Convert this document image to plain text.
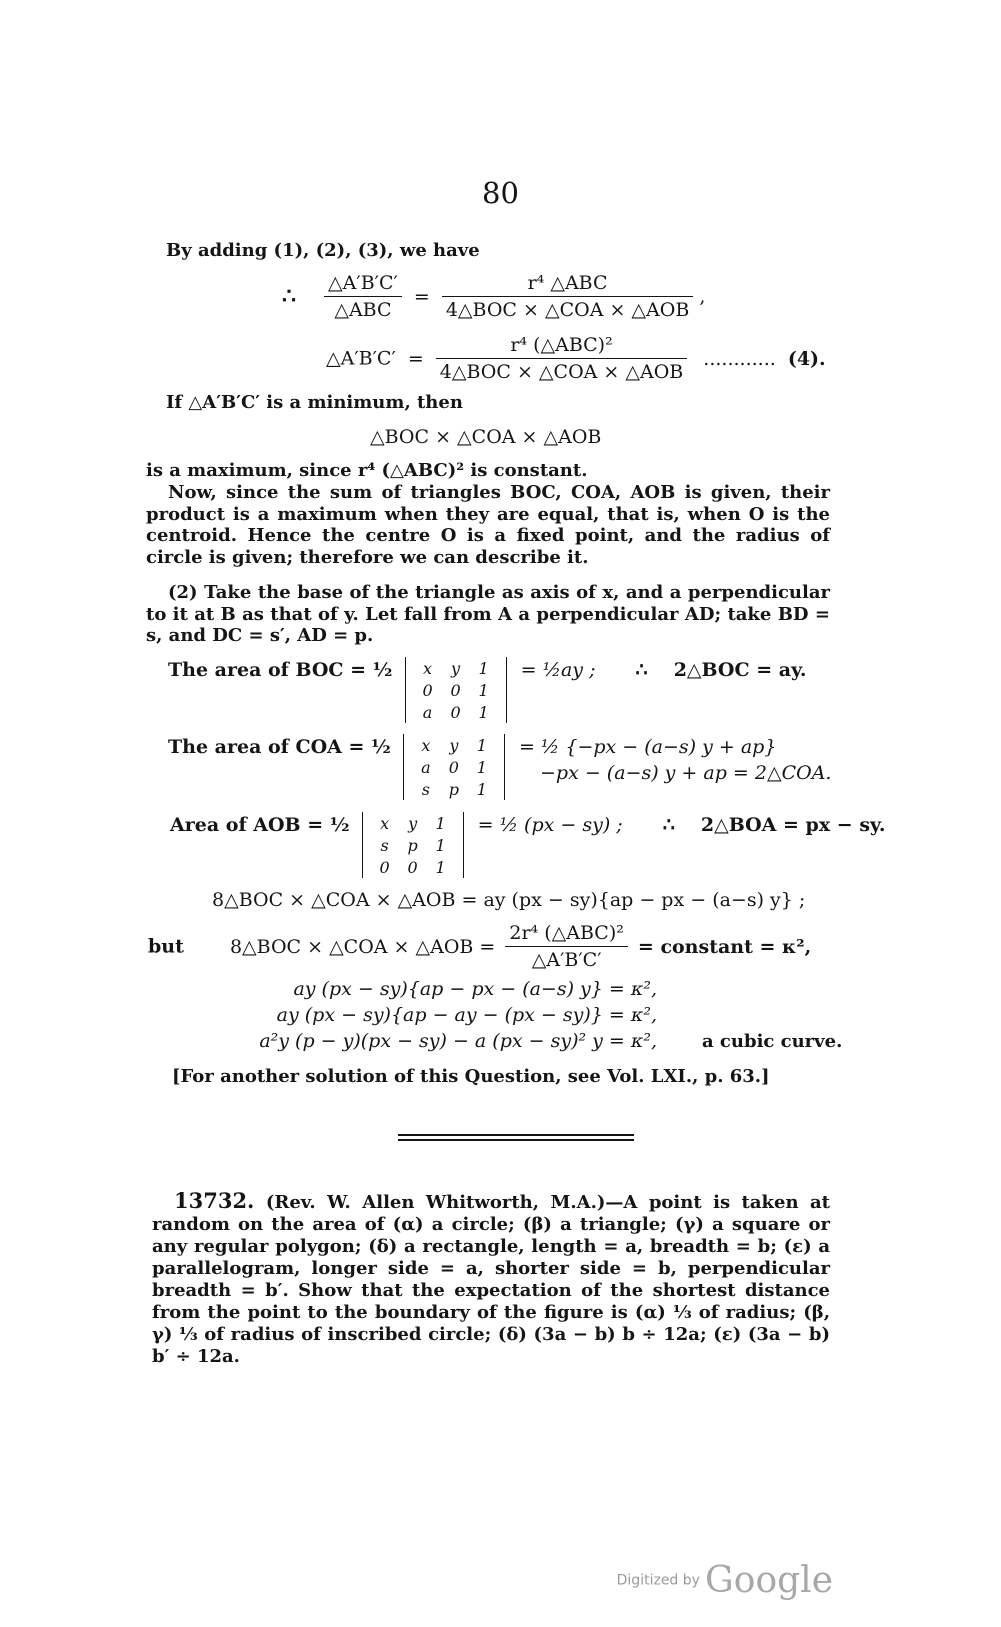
80
By adding (1), (2), (3), we have
∴ $\frac{\triangle A'B'C'}{\text{△ABC}} = \frac{\text{r⁴ △ABC}}{\text{4△BOC × △COA × △AOB}}$ ,
△A′B′C′ = $\frac{\text{r⁴ (△ABC)²}}{\text{4△BOC × △COA × △AOB}}$ ............ (4).
If △A′B′C′ is a minimum, then
△BOC × △COA × △AOB
is a maximum, since r⁴ (△ABC)² is constant.
Now, since the sum of triangles BOC, COA, AOB is given, their product is a maximum when they are equal, that is, when O is the centroid. Hence the centre O is a fixed point, and the radius of circle is given; therefore we can describe it.
(2) Take the base of the triangle as axis of x, and a perpendicular to it at B as that of y. Let fall from A a perpendicular AD; take BD = s, and DC = s′, AD = p.
The area of BOC = ½ x	y	1
0	0	1
a	0	1
= ½ay ; ∴ 2△BOC = ay.
The area of COA = ½ x	y	1
a	0	1
s	p	1
= ½ {−px − (a−s) y + ap}
−px − (a−s) y + ap = 2△COA.
Area of AOB = ½ x	y	1
s	p	1
0	0	1
= ½ (px − sy) ; ∴ 2△BOA = px − sy.
8△BOC × △COA × △AOB = ay (px − sy){ap − px − (a−s) y} ;
but 8△BOC × △COA × △AOB = $\frac{\text{2r⁴ (△ABC)²}}{\triangle A'B'C'}$ = constant = κ²,
ay (px − sy){ap − px − (a−s) y} = κ²,
ay (px − sy){ap − ay − (px − sy)} = κ²,
a²y (p − y)(px − sy) − a (px − sy)² y = κ²,	a cubic curve.
[For another solution of this Question, see Vol. LXI., p. 63.]
13732. (Rev. W. Allen Whitworth, M.A.)—A point is taken at random on the area of (α) a circle; (β) a triangle; (γ) a square or any regular polygon; (δ) a rectangle, length = a, breadth = b; (ε) a parallelogram, longer side = a, shorter side = b, perpendicular breadth = b′. Show that the expectation of the shortest distance from the point to the boundary of the figure is (α) ⅓ of radius; (β, γ) ⅓ of radius of inscribed circle; (δ) (3a − b) b ÷ 12a; (ε) (3a − b) b′ ÷ 12a.
Digitized by Google
